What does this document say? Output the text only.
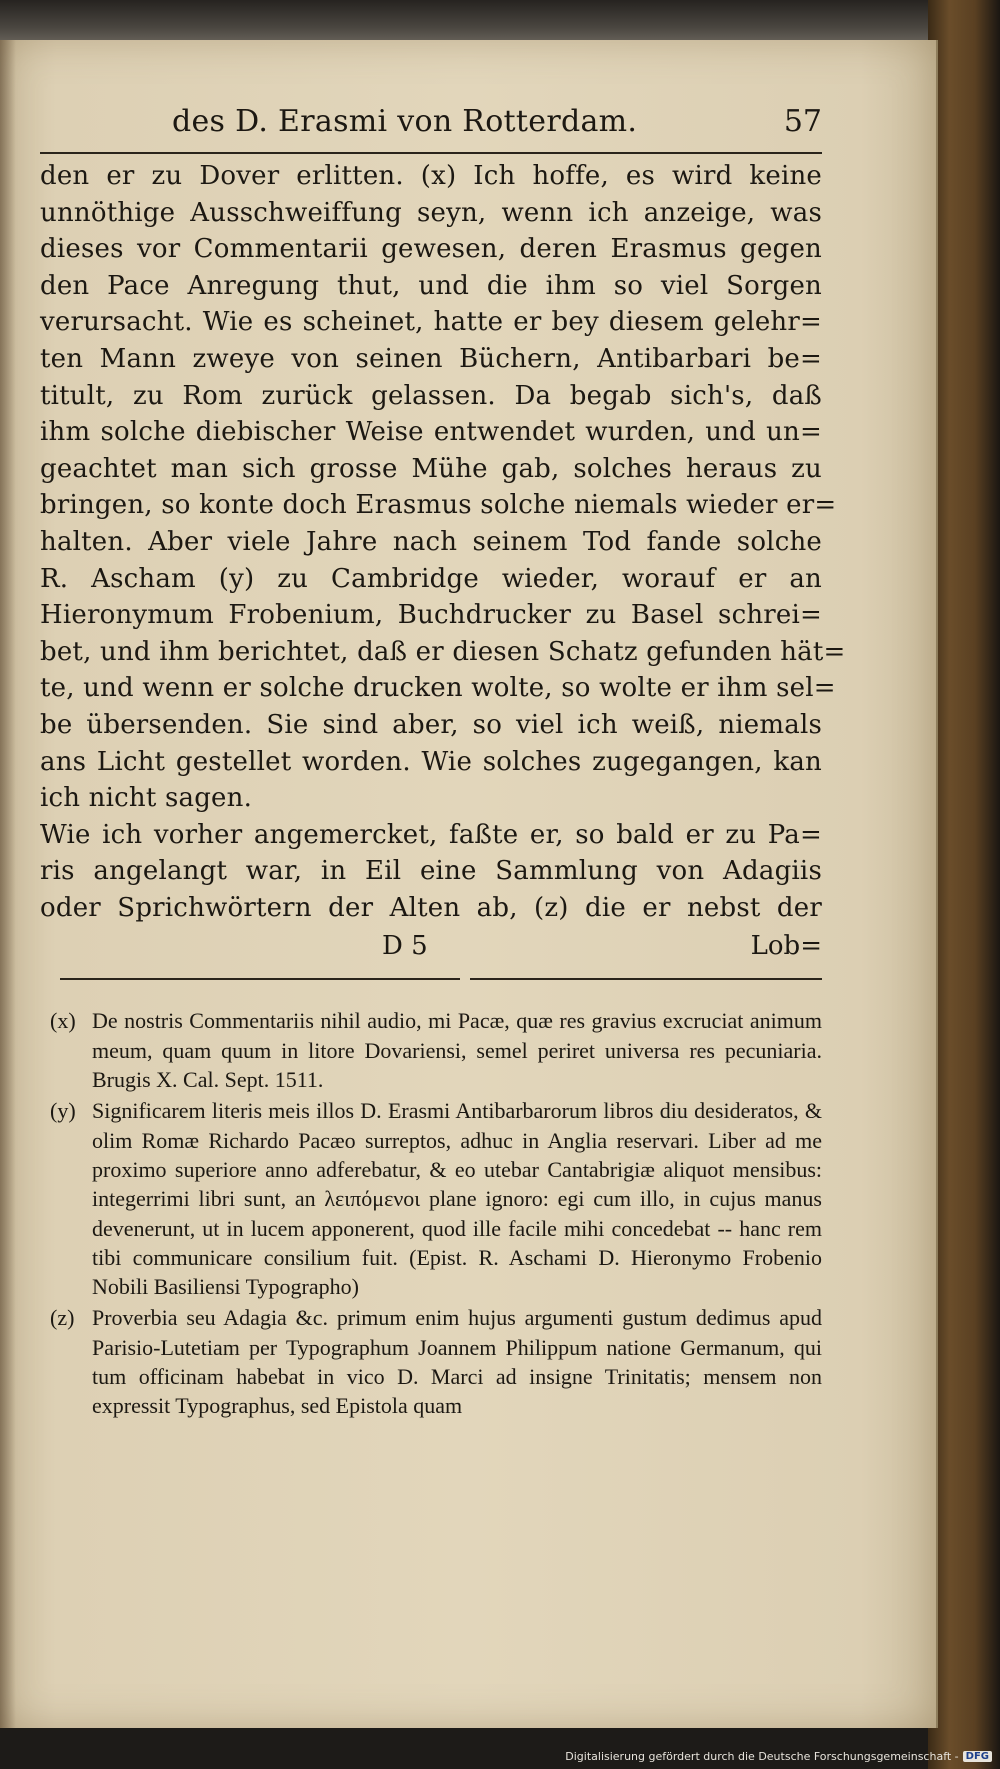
des D. Erasmi von Rotterdam.	57
den er zu Dover erlitten. (x) Ich hoffe, es wird keine
unnöthige Ausschweiffung seyn, wenn ich anzeige, was
dieses vor Commentarii gewesen, deren Erasmus gegen
den Pace Anregung thut, und die ihm so viel Sorgen
verursacht. Wie es scheinet, hatte er bey diesem gelehr=
ten Mann zweye von seinen Büchern, Antibarbari be=
titult, zu Rom zurück gelassen. Da begab sich's, daß
ihm solche diebischer Weise entwendet wurden, und un=
geachtet man sich grosse Mühe gab, solches heraus zu
bringen, so konte doch Erasmus solche niemals wieder er=
halten. Aber viele Jahre nach seinem Tod fande solche
R. Ascham (y) zu Cambridge wieder, worauf er an
Hieronymum Frobenium, Buchdrucker zu Basel schrei=
bet, und ihm berichtet, daß er diesen Schatz gefunden hät=
te, und wenn er solche drucken wolte, so wolte er ihm sel=
be übersenden. Sie sind aber, so viel ich weiß, niemals
ans Licht gestellet worden. Wie solches zugegangen, kan
ich nicht sagen.
Wie ich vorher angemercket, faßte er, so bald er zu Pa=
ris angelangt war, in Eil eine Sammlung von Adagiis
oder Sprichwörtern der Alten ab, (z) die er nebst der
D 5	Lob=
(x) De nostris Commentariis nihil audio, mi Pacæ, quæ res gravius excruciat animum meum, quam quum in litore Dovariensi, semel periret universa res pecuniaria. Brugis X. Cal. Sept. 1511.
(y) Significarem literis meis illos D. Erasmi Antibarbarorum libros diu desideratos, & olim Romæ Richardo Pacæo surreptos, adhuc in Anglia reservari. Liber ad me proximo superiore anno adferebatur, & eo utebar Cantabrigiæ aliquot mensibus: integerrimi libri sunt, an λειπόμενοι plane ignoro: egi cum illo, in cujus manus devenerunt, ut in lucem apponerent, quod ille facile mihi concedebat -- hanc rem tibi communicare consilium fuit. (Epist. R. Aschami D. Hieronymo Frobenio Nobili Basiliensi Typographo)
(z) Proverbia seu Adagia &c. primum enim hujus argumenti gustum dedimus apud Parisio-Lutetiam per Typographum Joannem Philippum natione Germanum, qui tum officinam habebat in vico D. Marci ad insigne Trinitatis; mensem non expressit Typographus, sed Epistola quam
Digitalisierung gefördert durch die Deutsche Forschungsgemeinschaft - DFG
